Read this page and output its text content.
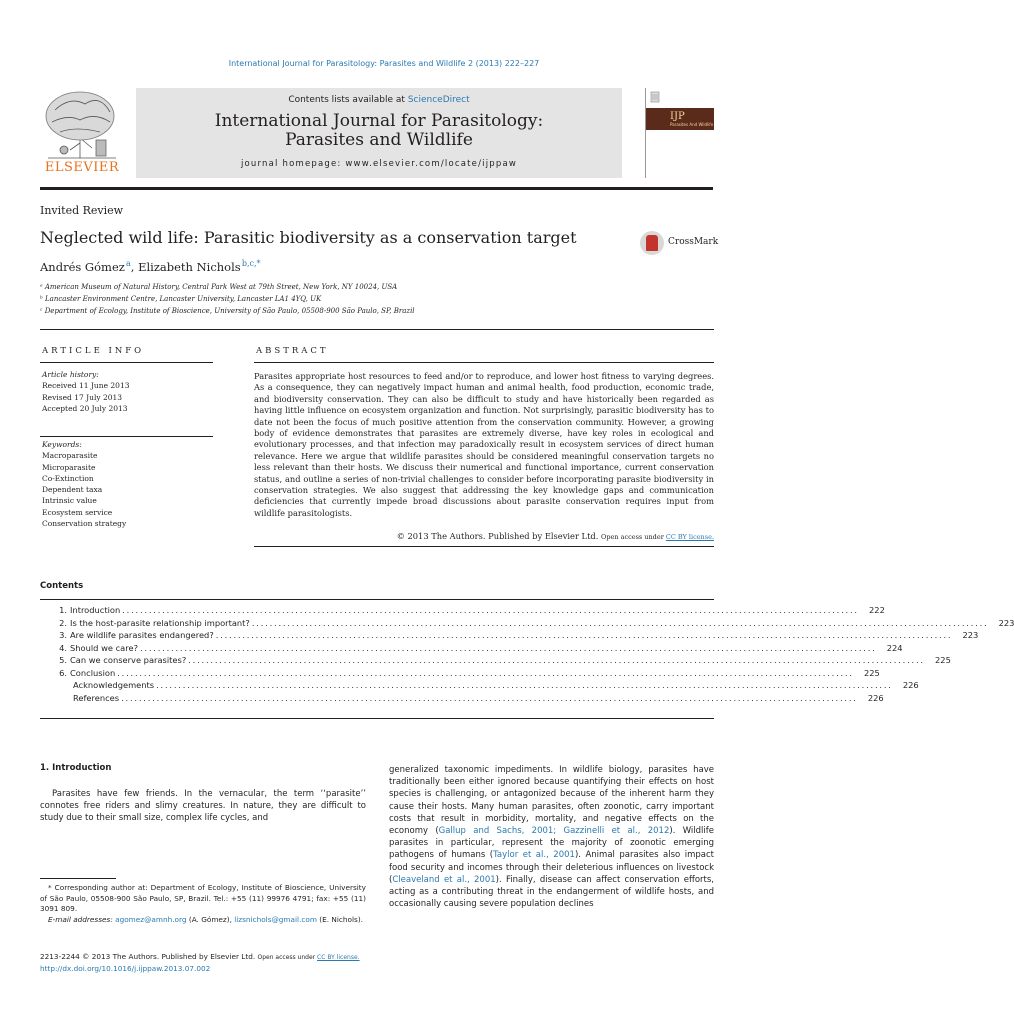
International Journal for Parasitology: Parasites and Wildlife 2 (2013) 222–227
ELSEVIER
Contents lists available at ScienceDirect
International Journal for Parasitology:
Parasites and Wildlife
journal homepage: www.elsevier.com/locate/ijppaw
IJP
Parasites And Wildlife
Invited Review
Neglected wild life: Parasitic biodiversity as a conservation target
Andrés Gómez $^a$, Elizabeth Nichols $^{b,c,*}$
CrossMark
ᵃ American Museum of Natural History, Central Park West at 79th Street, New York, NY 10024, USA
ᵇ Lancaster Environment Centre, Lancaster University, Lancaster LA1 4YQ, UK
ᶜ Department of Ecology, Institute of Bioscience, University of São Paulo, 05508-900 São Paulo, SP, Brazil
ARTICLE INFO
Article history:
Received 11 June 2013
Revised 17 July 2013
Accepted 20 July 2013
Keywords:
Macroparasite
Microparasite
Co-Extinction
Dependent taxa
Intrinsic value
Ecosystem service
Conservation strategy
ABSTRACT
Parasites appropriate host resources to feed and/or to reproduce, and lower host fitness to varying degrees. As a consequence, they can negatively impact human and animal health, food production, economic trade, and biodiversity conservation. They can also be difficult to study and have historically been regarded as having little influence on ecosystem organization and function. Not surprisingly, parasitic biodiversity has to date not been the focus of much positive attention from the conservation community. However, a growing body of evidence demonstrates that parasites are extremely diverse, have key roles in ecological and evolutionary processes, and that infection may paradoxically result in ecosystem services of direct human relevance. Here we argue that wildlife parasites should be considered meaningful conservation targets no less relevant than their hosts. We discuss their numerical and functional importance, current conservation status, and outline a series of non-trivial challenges to consider before incorporating parasite biodiversity in conservation strategies. We also suggest that addressing the key knowledge gaps and communication deficiencies that currently impede broad discussions about parasite conservation requires input from wildlife parasitologists.
© 2013 The Authors. Published by Elsevier Ltd. Open access under CC BY license.
Contents
1. Introduction ......................................................................................................................................................................	222
2. Is the host-parasite relationship important? ......................................................................................................................................................................	223
3. Are wildlife parasites endangered? ......................................................................................................................................................................	223
4. Should we care? ......................................................................................................................................................................	224
5. Can we conserve parasites? ......................................................................................................................................................................	225
6. Conclusion ......................................................................................................................................................................	225
Acknowledgements ......................................................................................................................................................................	226
References ......................................................................................................................................................................	226
1. Introduction
Parasites have few friends. In the vernacular, the term ‘‘parasite’’ connotes free riders and slimy creatures. In nature, they are difficult to study due to their small size, complex life cycles, and
generalized taxonomic impediments. In wildlife biology, parasites have traditionally been either ignored because quantifying their effects on host species is challenging, or antagonized because of the inherent harm they cause their hosts. Many human parasites, often zoonotic, carry important costs that result in morbidity, mortality, and negative effects on the economy (Gallup and Sachs, 2001; Gazzinelli et al., 2012). Wildlife parasites in particular, represent the majority of zoonotic emerging pathogens of humans (Taylor et al., 2001). Animal parasites also impact food security and incomes through their deleterious influences on livestock (Cleaveland et al., 2001). Finally, disease can affect conservation efforts, acting as a contributing threat in the endangerment of wildlife hosts, and occasionally causing severe population declines
* Corresponding author at: Department of Ecology, Institute of Bioscience, University of São Paulo, 05508-900 São Paulo, SP, Brazil. Tel.: +55 (11) 99976 4791; fax: +55 (11) 3091 809.
E-mail addresses: agomez@amnh.org (A. Gómez), lizsnichols@gmail.com (E. Nichols).
2213-2244 © 2013 The Authors. Published by Elsevier Ltd. Open access under CC BY license.
http://dx.doi.org/10.1016/j.ijppaw.2013.07.002
